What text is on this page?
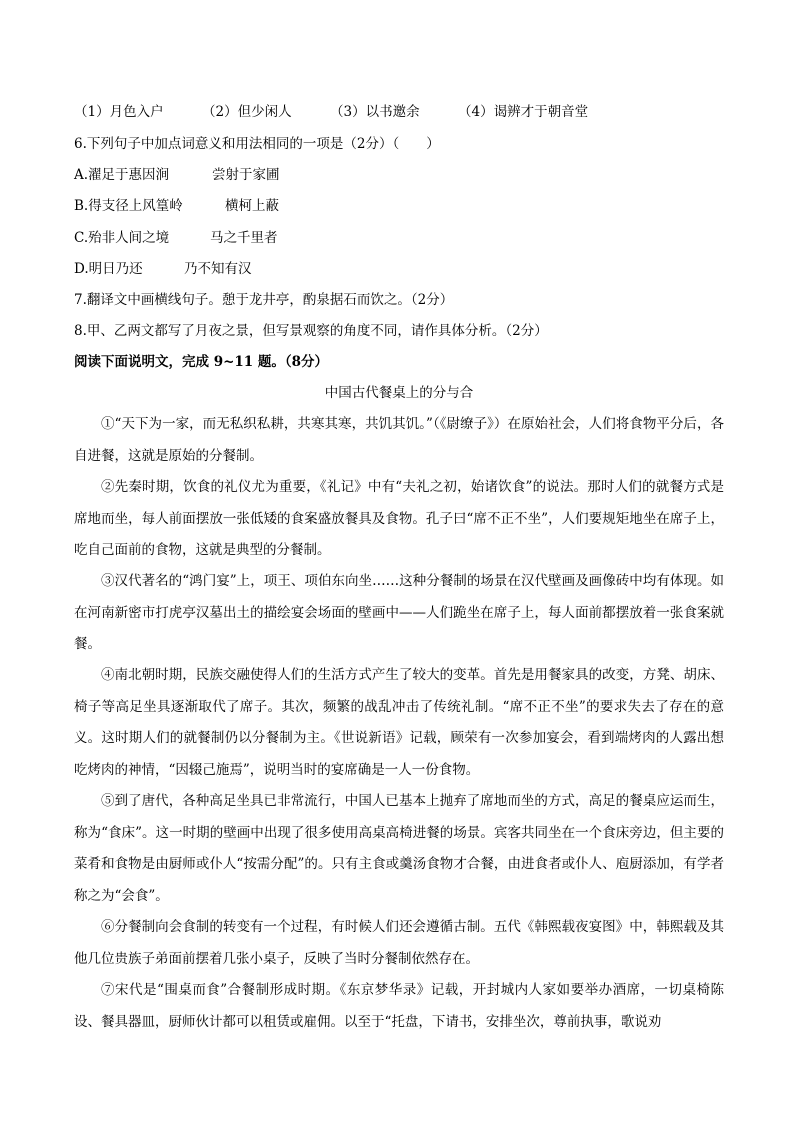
（1）月色入户	（2）但少闲人	（3）以书邀余	（4）谒辨才于朝音堂
6.下列句子中加点词意义和用法相同的一项是（2分）（　　）
A.濯足于惠因涧	尝射于家圃
B.得支径上风篁岭	横柯上蔽
C.殆非人间之境	马之千里者
D.明日乃还	乃不知有汉
7.翻译文中画横线句子。憩于龙井亭，酌泉据石而饮之。（2分）
8.甲、乙两文都写了月夜之景，但写景观察的角度不同，请作具体分析。（2分）
阅读下面说明文，完成 9~11 题。（8分）
中国古代餐桌上的分与合

①“天下为一家，而无私织私耕，共寒其寒，共饥其饥。”（《尉缭子》）在原始社会，人们将食物平分后，各自进餐，这就是原始的分餐制。

②先秦时期，饮食的礼仪尤为重要，《礼记》中有“夫礼之初，始诸饮食”的说法。那时人们的就餐方式是席地而坐，每人前面摆放一张低矮的食案盛放餐具及食物。孔子曰“席不正不坐”，人们要规矩地坐在席子上，吃自己面前的食物，这就是典型的分餐制。

③汉代著名的“鸿门宴”上，项王、项伯东向坐……这种分餐制的场景在汉代壁画及画像砖中均有体现。如在河南新密市打虎亭汉墓出土的描绘宴会场面的壁画中——人们跪坐在席子上，每人面前都摆放着一张食案就餐。

④南北朝时期，民族交融使得人们的生活方式产生了较大的变革。首先是用餐家具的改变，方凳、胡床、椅子等高足坐具逐渐取代了席子。其次，频繁的战乱冲击了传统礼制。“席不正不坐”的要求失去了存在的意义。这时期人们的就餐制仍以分餐制为主。《世说新语》记载，顾荣有一次参加宴会，看到端烤肉的人露出想吃烤肉的神情，“因辍己施焉”，说明当时的宴席确是一人一份食物。

⑤到了唐代，各种高足坐具已非常流行，中国人已基本上抛弃了席地而坐的方式，高足的餐桌应运而生，称为“食床”。这一时期的壁画中出现了很多使用高桌高椅进餐的场景。宾客共同坐在一个食床旁边，但主要的菜肴和食物是由厨师或仆人“按需分配”的。只有主食或羹汤食物才合餐，由进食者或仆人、庖厨添加，有学者称之为“会食”。

⑥分餐制向会食制的转变有一个过程，有时候人们还会遵循古制。五代《韩熙载夜宴图》中，韩熙载及其他几位贵族子弟面前摆着几张小桌子，反映了当时分餐制依然存在。

⑦宋代是“围桌而食”合餐制形成时期。《东京梦华录》记载，开封城内人家如要举办酒席，一切桌椅陈设、餐具器皿，厨师伙计都可以租赁或雇佣。以至于“托盘，下请书，安排坐次，尊前执事，歌说劝
